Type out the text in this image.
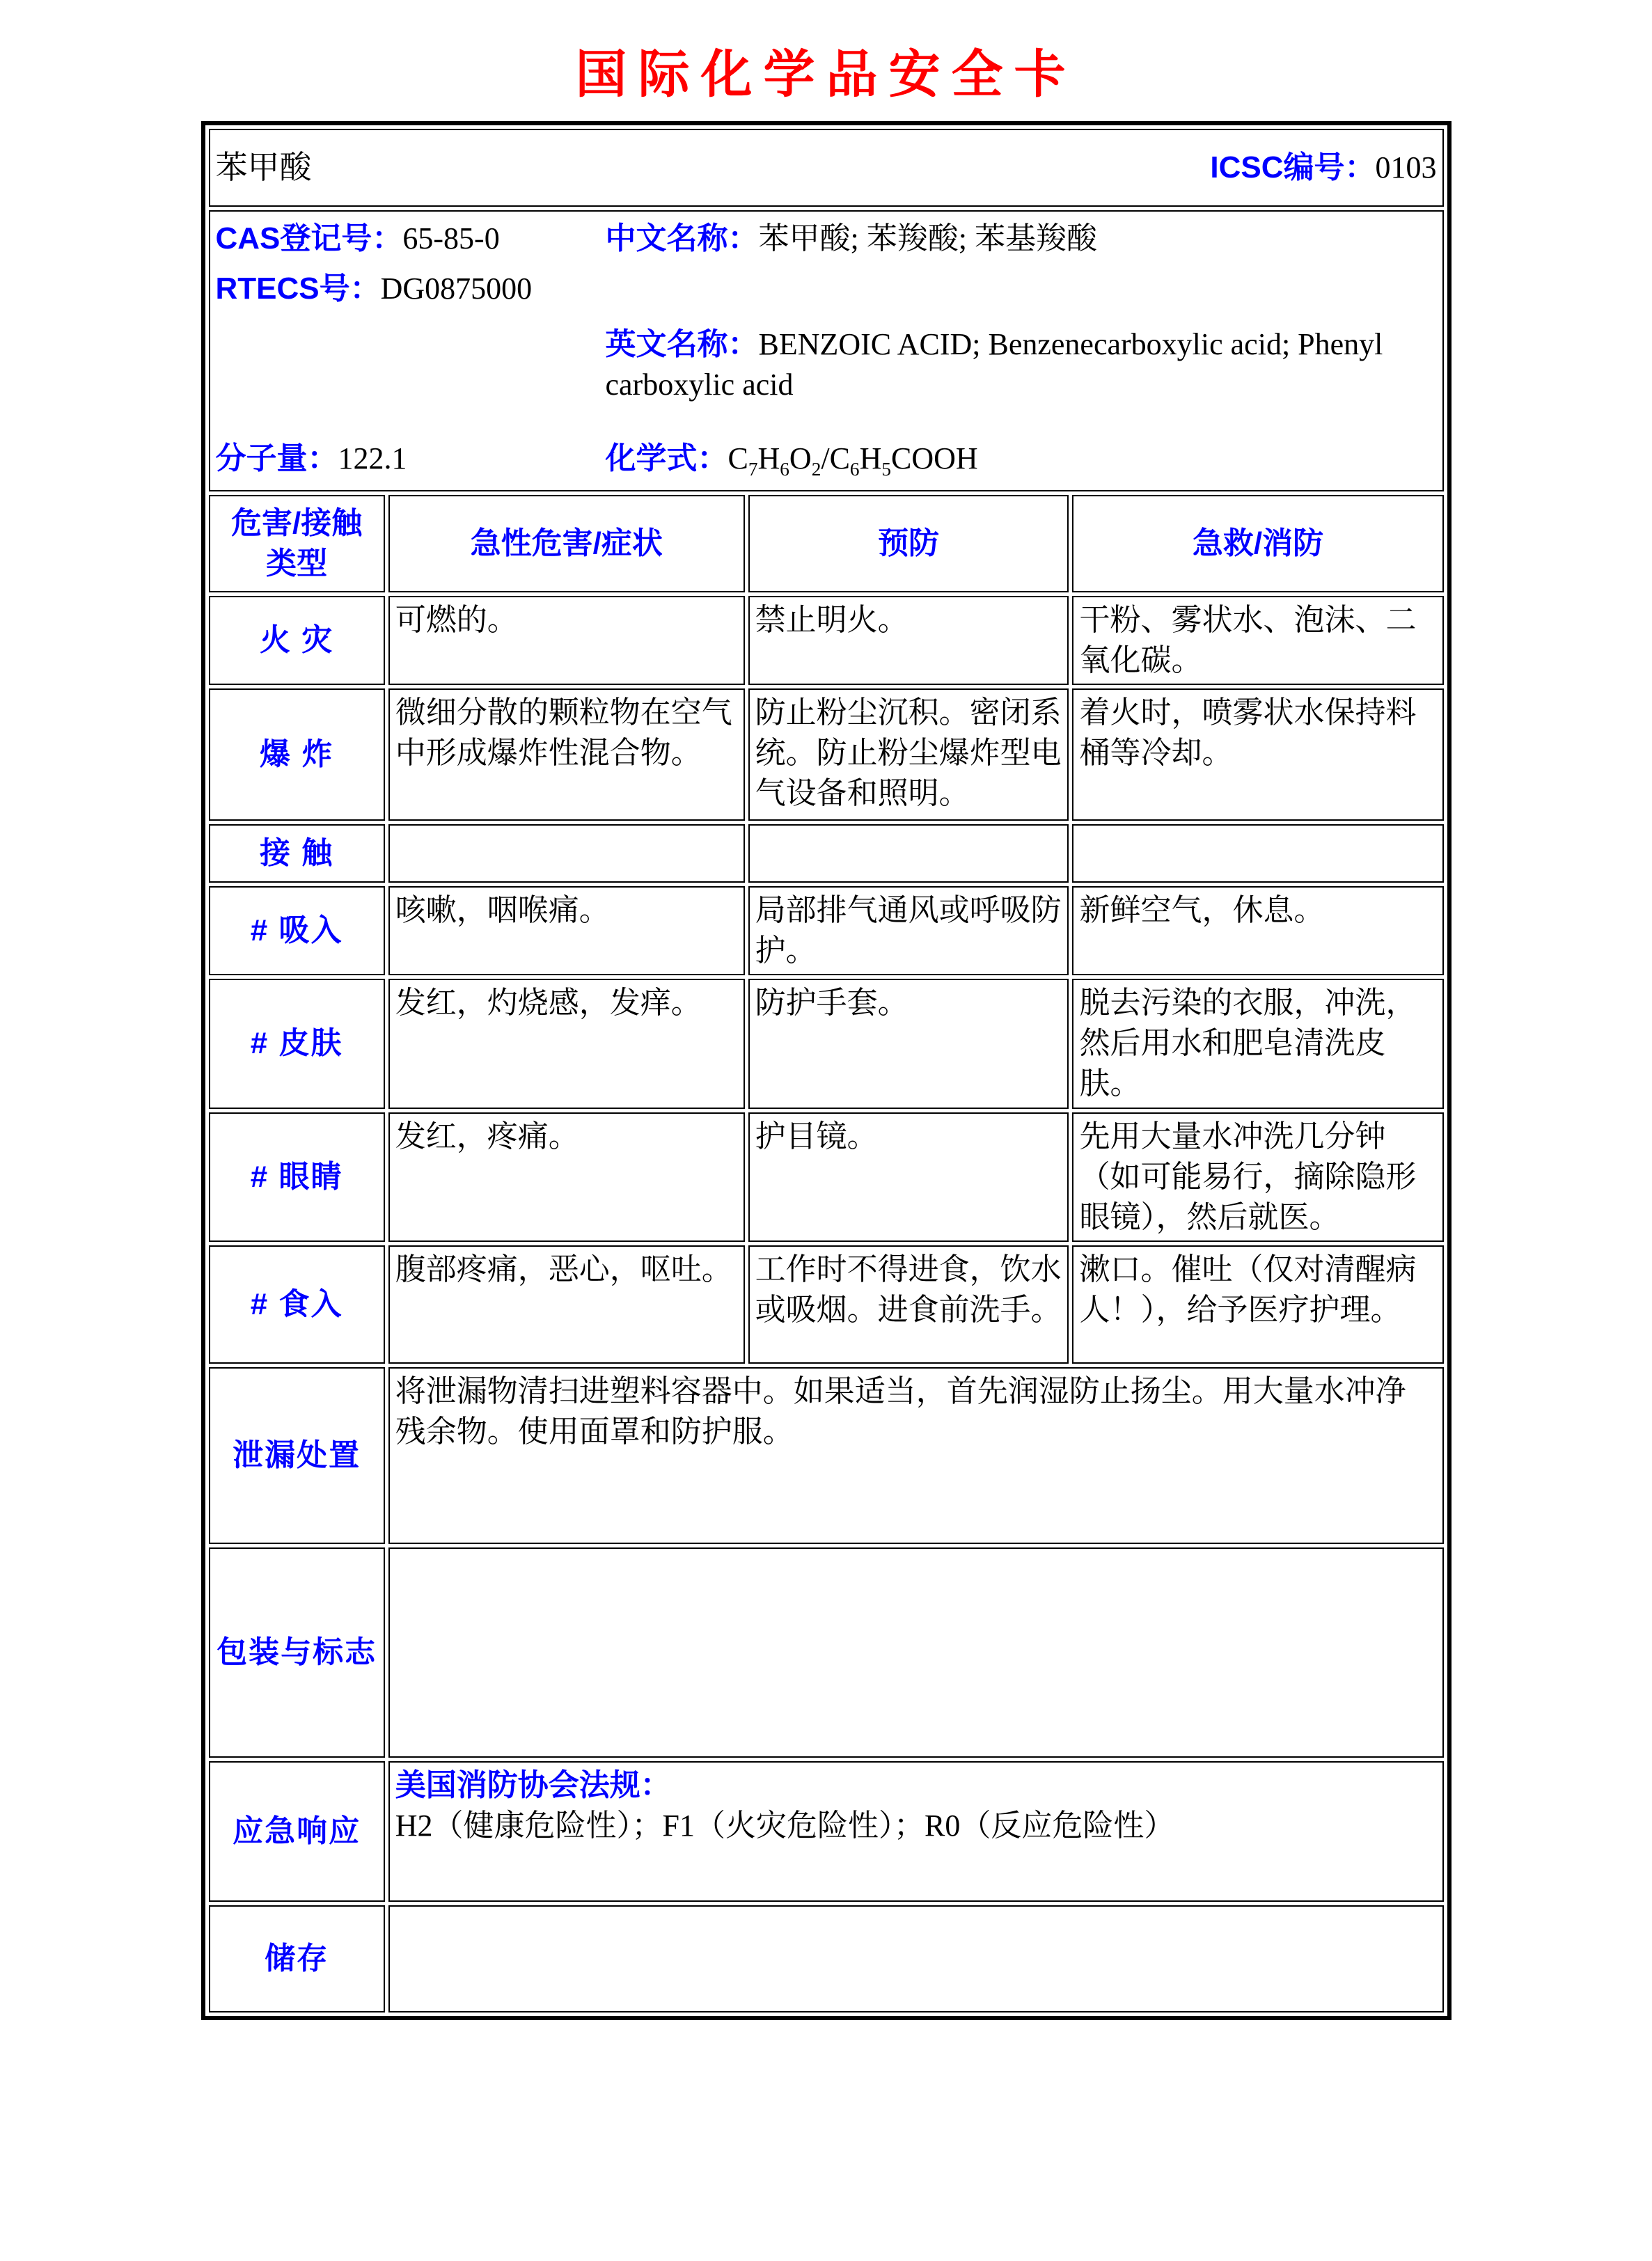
国际化学品安全卡
苯甲酸 ICSC编号：0103			

CAS登记号：65-85-0	中文名称：苯甲酸; 苯羧酸; 苯基羧酸
RTECS号：DG0875000
英文名称：BENZOIC ACID; Benzenecarboxylic acid; Phenyl carboxylic acid
分子量：122.1	化学式：$C_7H_6O_2/C_6H_5COOH$

危害/接触
类型	急性危害/症状	预防	急救/消防
火 灾	可燃的。	禁止明火。	干粉、雾状水、泡沫、二氧化碳。
爆 炸	微细分散的颗粒物在空气中形成爆炸性混合物。	防止粉尘沉积。密闭系统。防止粉尘爆炸型电气设备和照明。	着火时，喷雾状水保持料桶等冷却。
接 触			
# 吸入	咳嗽，咽喉痛。	局部排气通风或呼吸防护。	新鲜空气，休息。
# 皮肤	发红，灼烧感，发痒。	防护手套。	脱去污染的衣服，冲洗，然后用水和肥皂清洗皮肤。
# 眼睛	发红，疼痛。	护目镜。	先用大量水冲洗几分钟（如可能易行，摘除隐形眼镜），然后就医。
# 食入	腹部疼痛，恶心，呕吐。	工作时不得进食，饮水或吸烟。进食前洗手。	漱口。催吐（仅对清醒病人！），给予医疗护理。
泄漏处置	将泄漏物清扫进塑料容器中。如果适当，首先润湿防止扬尘。用大量水冲净残余物。使用面罩和防护服。		
包装与标志			
应急响应	美国消防协会法规：H2（健康危险性）；F1（火灾危险性）；R0（反应危险性）		
储存			
